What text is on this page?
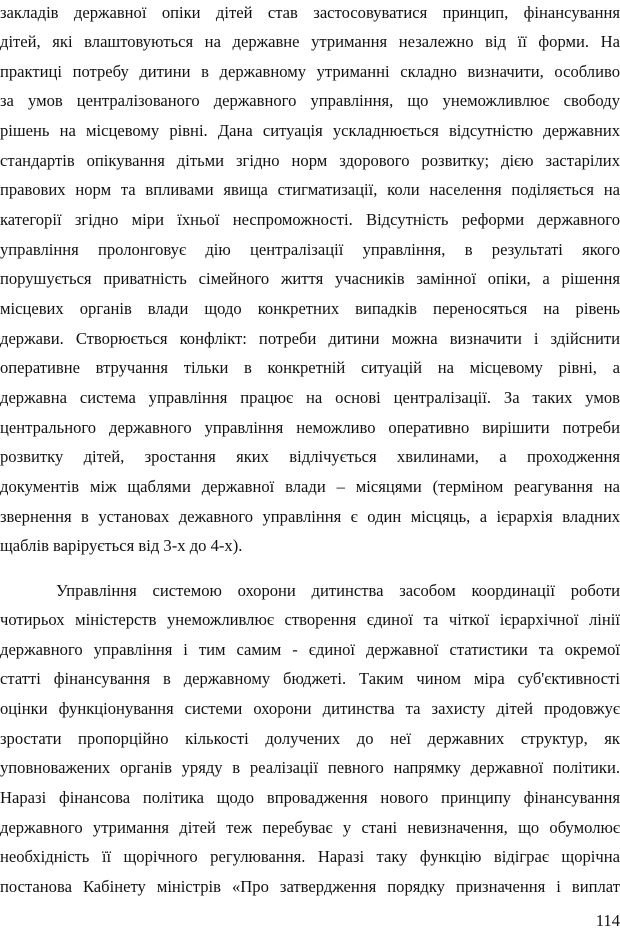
закладів державної опіки дітей став застосовуватися принцип, фінансування
дітей, які влаштовуються на державне утримання незалежно від її форми. На
практиці потребу дитини в державному утриманні складно визначити, особливо
за умов централізованого державного управління, що унеможливлює свободу
рішень на місцевому рівні. Дана ситуація ускладнюється відсутністю державних
стандартів опікування дітьми згідно норм здорового розвитку; дією застарілих
правових норм та впливами явища стигматизації, коли населення поділяється на
категорії згідно міри їхньої неспроможності. Відсутність реформи державного
управління пролонговує дію централізації управління, в результаті якого
порушується приватність сімейного життя учасників замінної опіки, а рішення
місцевих органів влади щодо конкретних випадків переносяться на рівень
держави. Створюється конфлікт: потреби дитини можна визначити і здійснити
оперативне втручання тільки в конкретній ситуацій на місцевому рівні, а
державна система управління працює на основі централізації. За таких умов
центрального державного управління неможливо оперативно вирішити потреби
розвитку дітей, зростання яких відлічується хвилинами, а проходження
документів між щаблями державної влади – місяцями (терміном реагування на
звернення в установах дежавного управління є один місцяць, а ієрархія владних
щаблів варірується від 3-х до 4-х).
Управління системою охорони дитинства засобом координації роботи
чотирьох міністерств унеможливлює створення єдиної та чіткої ієрархічної лінії
державного управління і тим самим - єдиної державної статистики та окремої
статті фінансування в державному бюджеті. Таким чином міра суб'єктивності
оцінки функціонування системи охорони дитинства та захисту дітей продовжує
зростати пропорційно кількості долучених до неї державних структур, як
уповноважених органів уряду в реалізації певного напрямку державної політики.
Наразі фінансова політика щодо впровадження нового принципу фінансування
державного утримання дітей теж перебуває у стані невизначення, що обумолює
необхідність її щорічного регулювання. Наразі таку функцію відіграє щорічна
постанова Кабінету міністрів «Про затвердження порядку призначення і виплат
114
